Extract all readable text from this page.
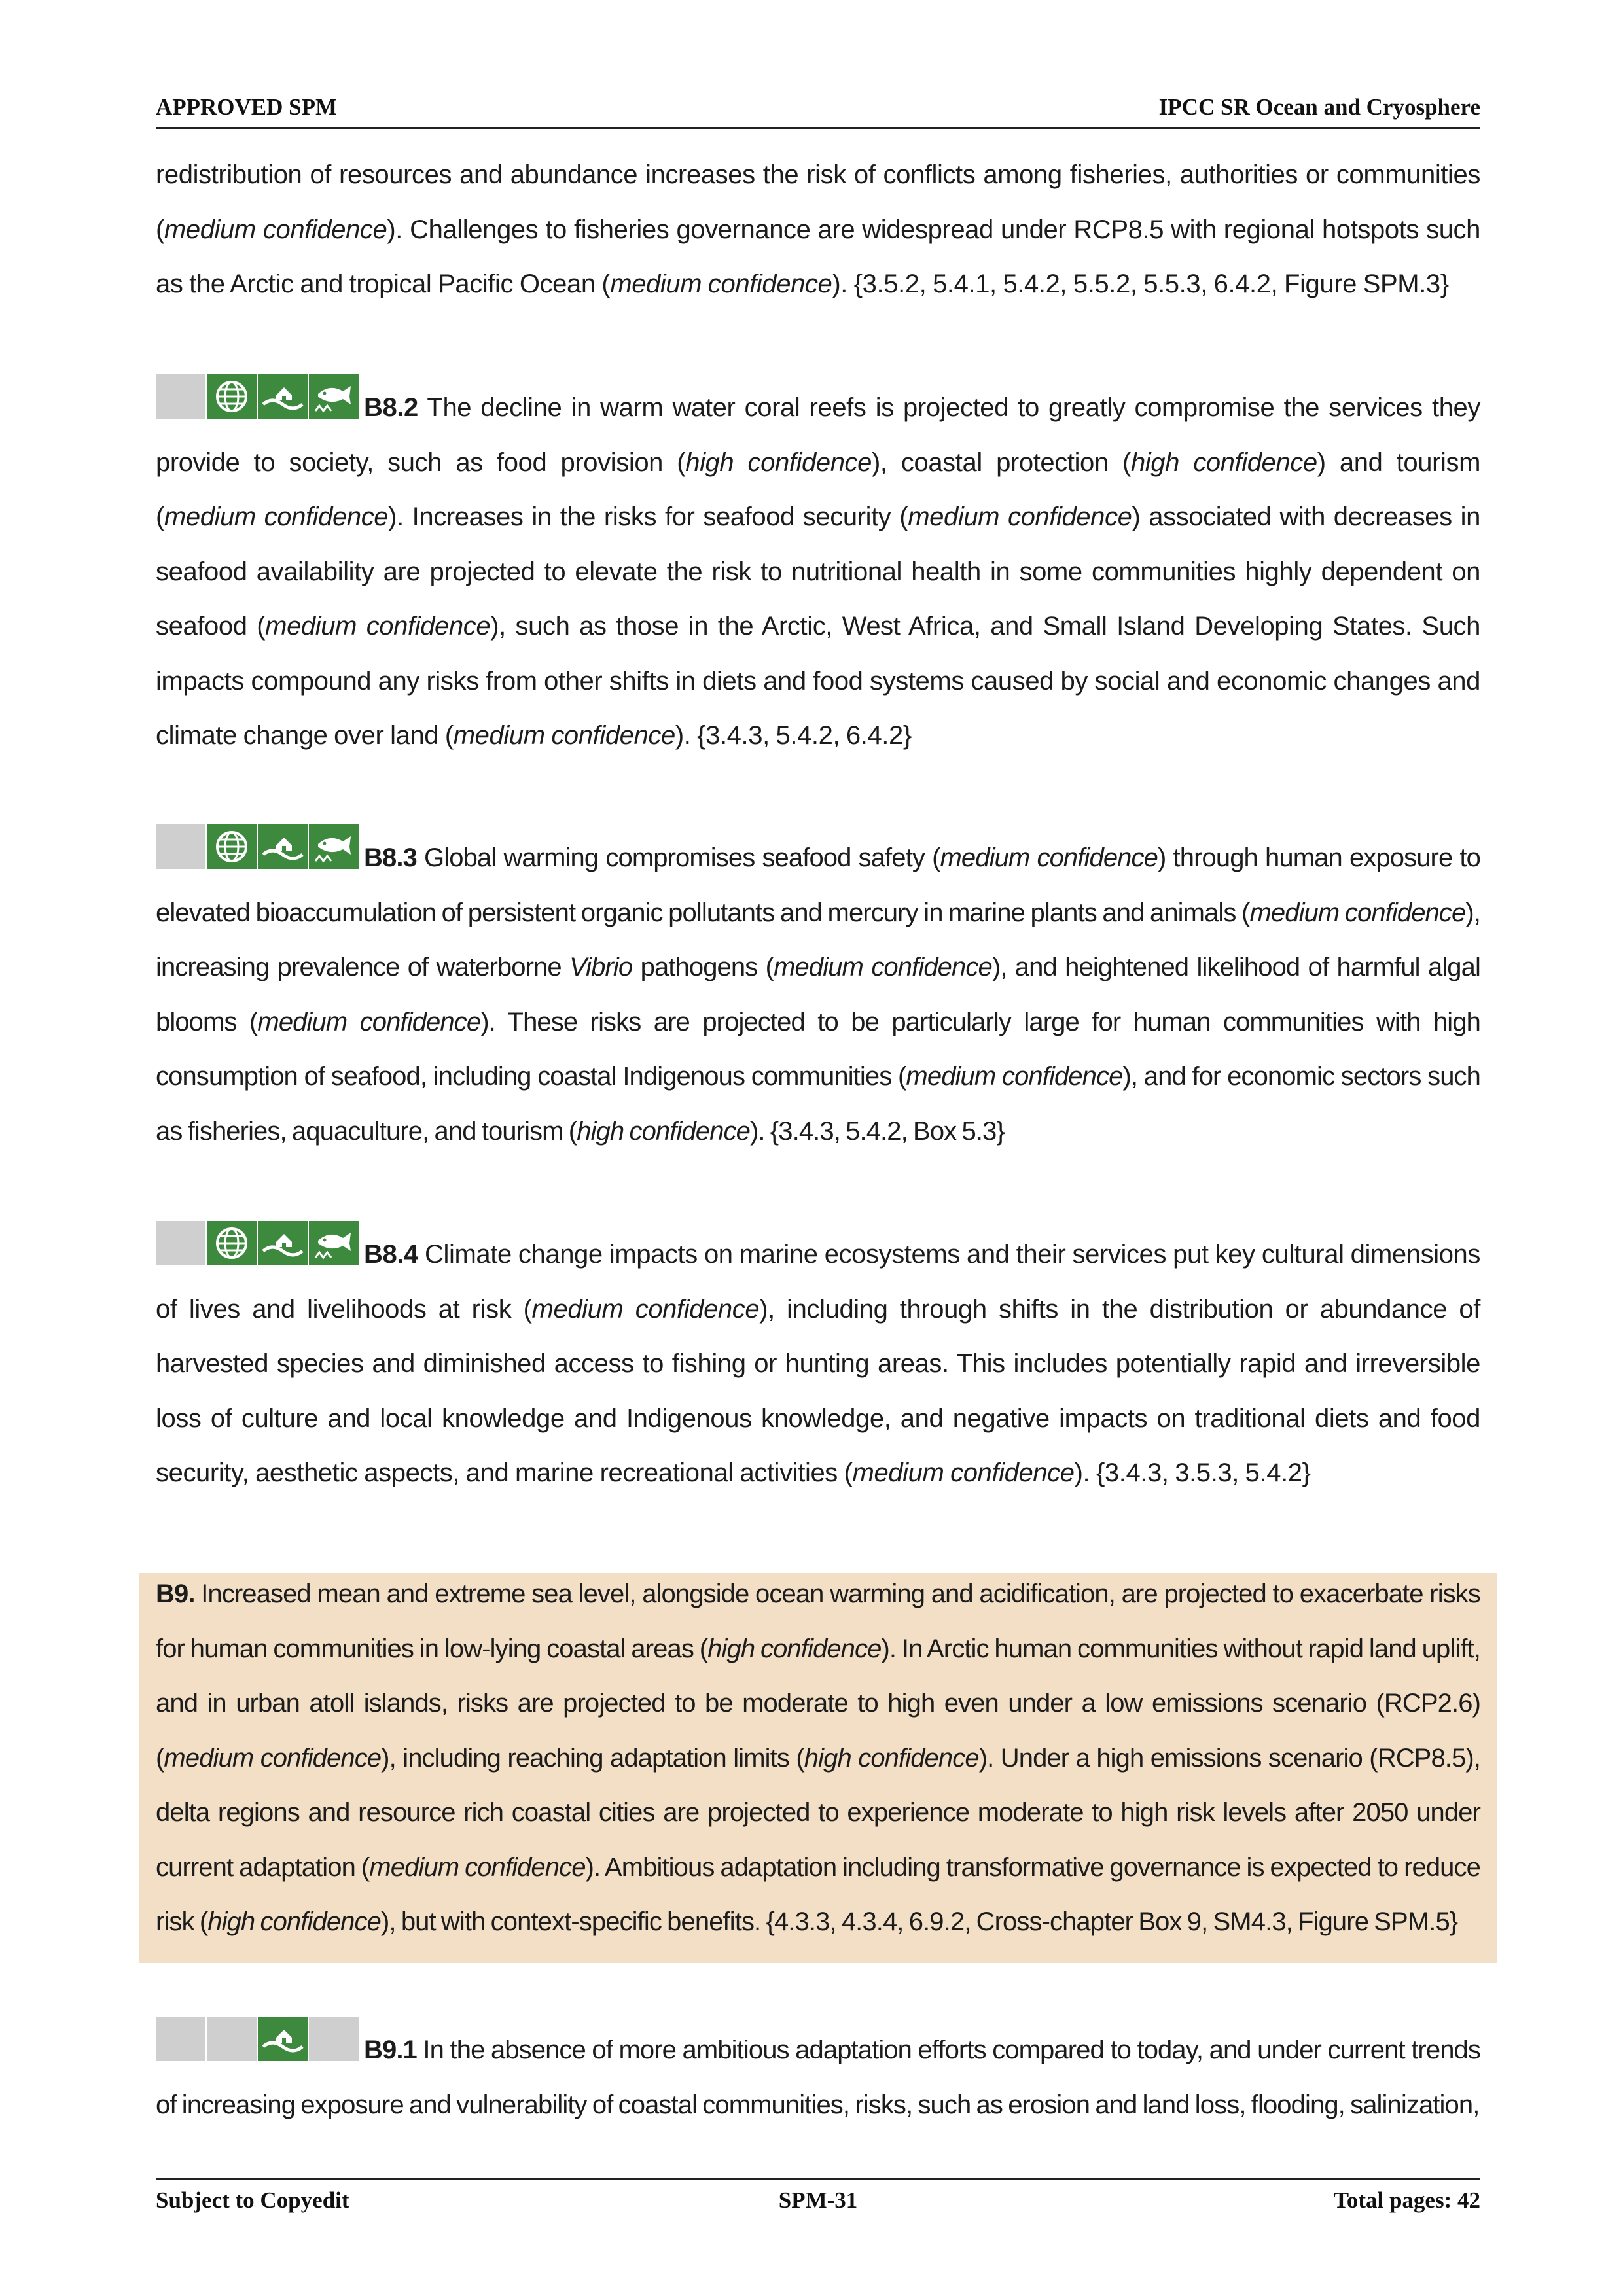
APPROVED SPM	IPCC SR Ocean and Cryosphere
redistribution of resources and abundance increases the risk of conflicts among fisheries, authorities or communities (medium confidence). Challenges to fisheries governance are widespread under RCP8.5 with regional hotspots such as the Arctic and tropical Pacific Ocean (medium confidence). {3.5.2, 5.4.1, 5.4.2, 5.5.2, 5.5.3, 6.4.2, Figure SPM.3}
B8.2 The decline in warm water coral reefs is projected to greatly compromise the services they provide to society, such as food provision (high confidence), coastal protection (high confidence) and tourism (medium confidence). Increases in the risks for seafood security (medium confidence) associated with decreases in seafood availability are projected to elevate the risk to nutritional health in some communities highly dependent on seafood (medium confidence), such as those in the Arctic, West Africa, and Small Island Developing States. Such impacts compound any risks from other shifts in diets and food systems caused by social and economic changes and climate change over land (medium confidence). {3.4.3, 5.4.2, 6.4.2}
B8.3 Global warming compromises seafood safety (medium confidence) through human exposure to elevated bioaccumulation of persistent organic pollutants and mercury in marine plants and animals (medium confidence), increasing prevalence of waterborne Vibrio pathogens (medium confidence), and heightened likelihood of harmful algal blooms (medium confidence). These risks are projected to be particularly large for human communities with high consumption of seafood, including coastal Indigenous communities (medium confidence), and for economic sectors such as fisheries, aquaculture, and tourism (high confidence). {3.4.3, 5.4.2, Box 5.3}
B8.4 Climate change impacts on marine ecosystems and their services put key cultural dimensions of lives and livelihoods at risk (medium confidence), including through shifts in the distribution or abundance of harvested species and diminished access to fishing or hunting areas. This includes potentially rapid and irreversible loss of culture and local knowledge and Indigenous knowledge, and negative impacts on traditional diets and food security, aesthetic aspects, and marine recreational activities (medium confidence). {3.4.3, 3.5.3, 5.4.2}
B9. Increased mean and extreme sea level, alongside ocean warming and acidification, are projected to exacerbate risks for human communities in low-lying coastal areas (high confidence). In Arctic human communities without rapid land uplift, and in urban atoll islands, risks are projected to be moderate to high even under a low emissions scenario (RCP2.6) (medium confidence), including reaching adaptation limits (high confidence). Under a high emissions scenario (RCP8.5), delta regions and resource rich coastal cities are projected to experience moderate to high risk levels after 2050 under current adaptation (medium confidence). Ambitious adaptation including transformative governance is expected to reduce risk (high confidence), but with context-specific benefits. {4.3.3, 4.3.4, 6.9.2, Cross-chapter Box 9, SM4.3, Figure SPM.5}
B9.1 In the absence of more ambitious adaptation efforts compared to today, and under current trends of increasing exposure and vulnerability of coastal communities, risks, such as erosion and land loss, flooding, salinization,
Subject to Copyedit	SPM-31	Total pages: 42
